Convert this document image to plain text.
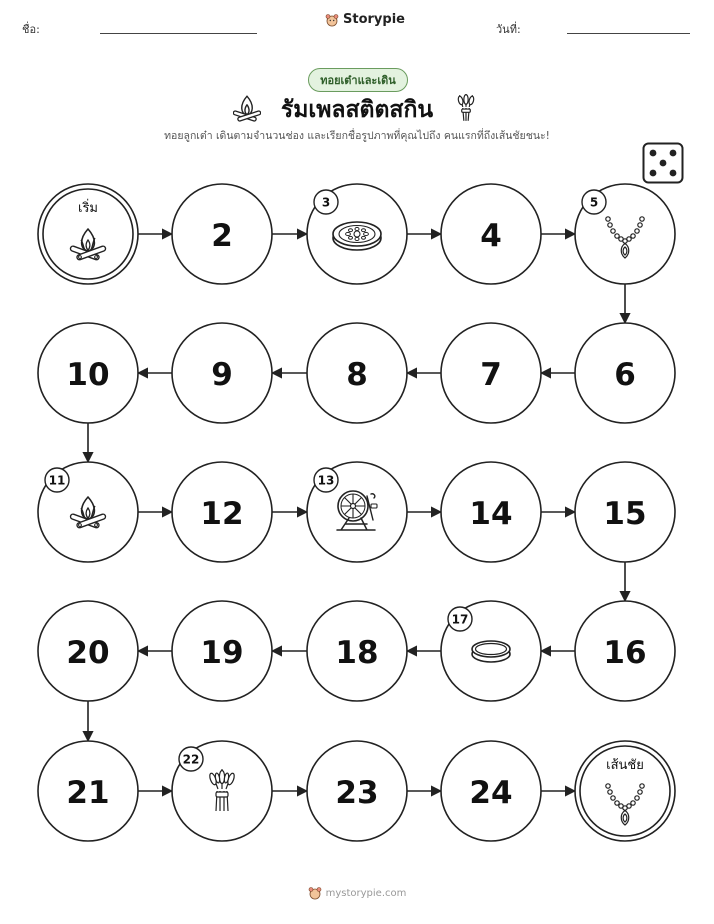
ชื่อ:
Storypie
วันที่:
ทอยเต๋าและเดิน
รัมเพลสติตสกิน
ทอยลูกเต๋า เดินตามจำนวนช่อง และเรียกชื่อรูปภาพที่คุณไปถึง คนแรกที่ถึงเส้นชัยชนะ!
เริ่ม
2
3
4
5
6
7
8
9
10
11
12
13
14	15
16
17
18
19
20
21
22
23	24
เส้นชัย
mystorypie.com
